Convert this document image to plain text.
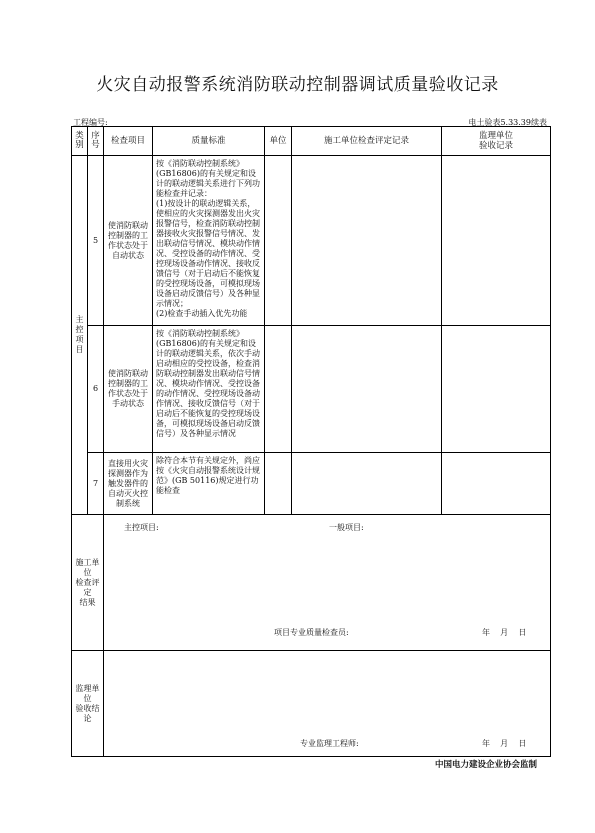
火灾自动报警系统消防联动控制器调试质量验收记录
工程编号:	电土验表5.33.39续表
类
别	序
号	检查项目	质量标准	单位	施工单位检查评定记录	监理单位
验收记录
主
控
项
目	5	使消防联动控制器的工作状态处于自动状态	按《消防联动控制系统》(GB16806)的有关规定和设计的联动逻辑关系进行下列功能检查并记录：
(1)按设计的联动逻辑关系，使相应的火灾探测器发出火灾报警信号，检查消防联动控制器接收火灾报警信号情况、发出联动信号情况、模块动作情况、受控设备的动作情况、受控现场设备动作情况、接收反馈信号（对于启动后不能恢复的受控现场设备，可模拟现场设备启动反馈信号）及各种显示情况；
(2)检查手动插入优先功能			
	6	使消防联动控制器的工作状态处于手动状态	按《消防联动控制系统》(GB16806)的有关规定和设计的联动逻辑关系，依次手动启动相应的受控设备，检查消防联动控制器发出联动信号情况、模块动作情况、受控设备的动作情况、受控现场设备动作情况、接收反馈信号（对于启动后不能恢复的受控现场设备，可模拟现场设备启动反馈信号）及各种显示情况			
	7	直接用火灾探测器作为触发器件的自动灭火控制系统	除符合本节有关规定外，尚应按《火灾自动报警系统设计规范》(GB 50116)规定进行功能检查			
施工单位
检查评定
结果		主控项目: 一般项目:
项目专业质量检查员: 年    月    日				

监理单位
验收结论		专业监理工程师: 年    月    日				
中国电力建设企业协会监制
